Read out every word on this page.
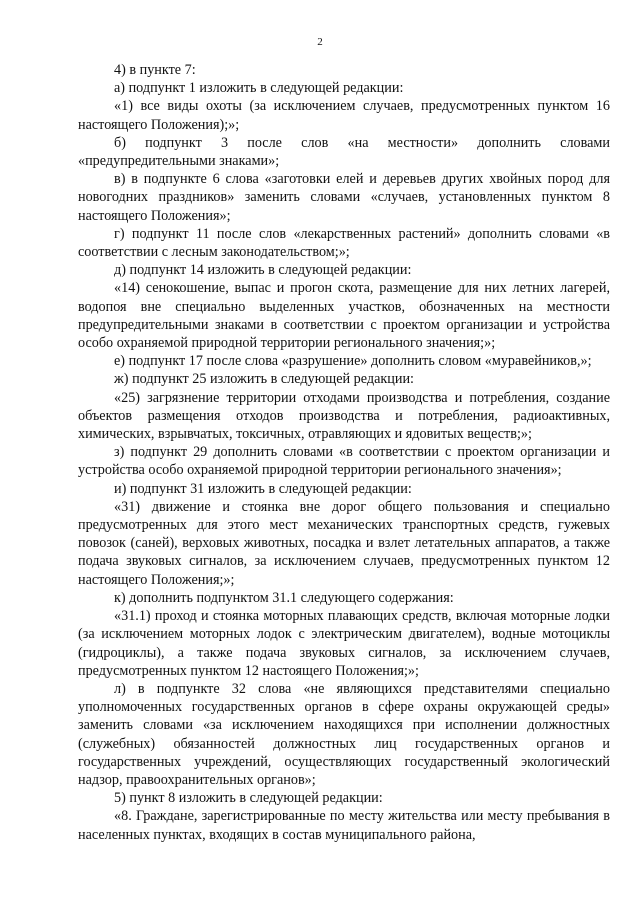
2

4) в пункте 7:

а) подпункт 1 изложить в следующей редакции:

«1) все виды охоты (за исключением случаев, предусмотренных пунктом 16 настоящего Положения);»;

б) подпункт 3 после слов «на местности» дополнить словами «предупредительными знаками»;

в) в подпункте 6 слова «заготовки елей и деревьев других хвойных пород для новогодних праздников» заменить словами «случаев, установленных пунктом 8 настоящего Положения»;

г) подпункт 11 после слов «лекарственных растений» дополнить словами «в соответствии с лесным законодательством;»;

д) подпункт 14 изложить в следующей редакции:

«14) сенокошение, выпас и прогон скота, размещение для них летних лагерей, водопоя вне специально выделенных участков, обозначенных на местности предупредительными знаками в соответствии с проектом организации и устройства особо охраняемой природной территории регионального значения;»;

е) подпункт 17 после слова «разрушение» дополнить словом «муравейников,»;

ж) подпункт 25 изложить в следующей редакции:

«25) загрязнение территории отходами производства и потребления, создание объектов размещения отходов производства и потребления, радиоактивных, химических, взрывчатых, токсичных, отравляющих и ядовитых веществ;»;

з) подпункт 29 дополнить словами «в соответствии с проектом организации и устройства особо охраняемой природной территории регионального значения»;

и) подпункт 31 изложить в следующей редакции:

«31) движение и стоянка вне дорог общего пользования и специально предусмотренных для этого мест механических транспортных средств, гужевых повозок (саней), верховых животных, посадка и взлет летательных аппаратов, а также подача звуковых сигналов, за исключением случаев, предусмотренных пунктом 12 настоящего Положения;»;

к) дополнить подпунктом 31.1 следующего содержания:

«31.1) проход и стоянка моторных плавающих средств, включая моторные лодки (за исключением моторных лодок с электрическим двигателем), водные мотоциклы (гидроциклы), а также подача звуковых сигналов, за исключением случаев, предусмотренных пунктом 12 настоящего Положения;»;

л) в подпункте 32 слова «не являющихся представителями специально уполномоченных государственных органов в сфере охраны окружающей среды» заменить словами «за исключением находящихся при исполнении должностных (служебных) обязанностей должностных лиц государственных органов и государственных учреждений, осуществляющих государственный экологический надзор, правоохранительных органов»;

5) пункт 8 изложить в следующей редакции:

«8. Граждане, зарегистрированные по месту жительства или месту пребывания в населенных пунктах, входящих в состав муниципального района,
